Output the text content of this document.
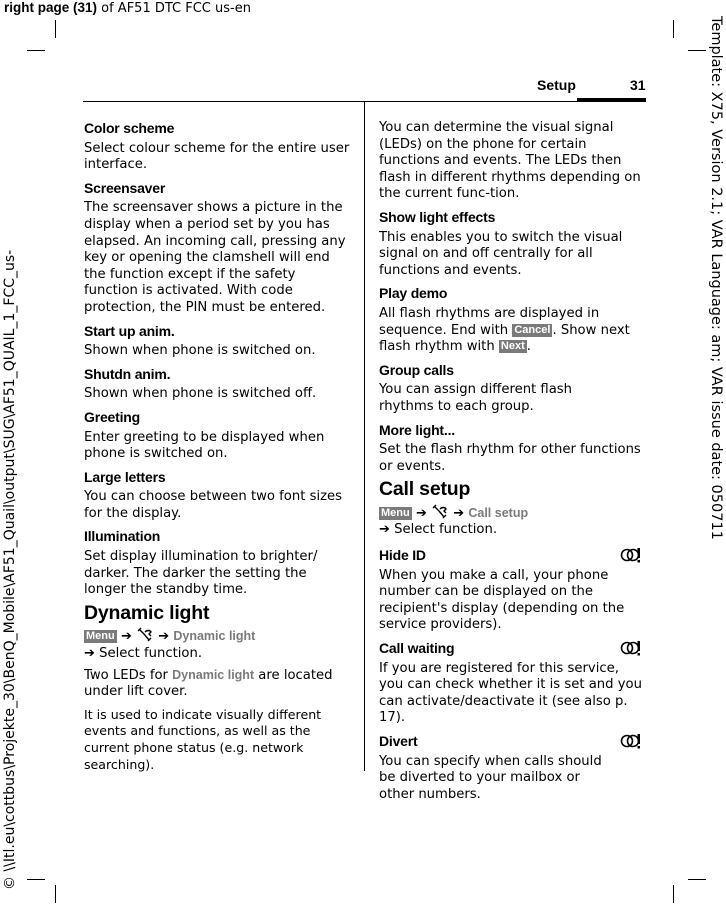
right page (31) of AF51 DTC FCC us-en
© \\Itl.eu\cottbus\Projekte_30\BenQ_Mobile\AF51_Quail\output\SUG\AF51_QUAIL_1_FCC_us-	Template: X75, Version 2.1; VAR Language: am; VAR issue date: 050711
Setup	31
Color scheme
Select colour scheme for the entire user interface.
Screensaver
The screensaver shows a picture in the display when a period set by you has elapsed. An incoming call, pressing any key or opening the clamshell will end the function except if the safety function is activated. With code protection, the PIN must be entered.
Start up anim.
Shown when phone is switched on.
Shutdn anim.
Shown when phone is switched off.
Greeting
Enter greeting to be displayed when phone is switched on.
Large letters
You can choose between two font sizes for the display.
Illumination
Set display illumination to brighter/ darker. The darker the setting the longer the standby time.
Dynamic light
Menu ➔ ➔ Dynamic light
➔ Select function.
Two LEDs for Dynamic light are located under lift cover.
It is used to indicate visually different events and functions, as well as the current phone status (e.g. network searching).
You can determine the visual signal (LEDs) on the phone for certain functions and events. The LEDs then flash in different rhythms depending on the current func-tion.
Show light effects
This enables you to switch the visual signal on and off centrally for all functions and events.
Play demo
All flash rhythms are displayed in sequence. End with Cancel . Show next flash rhythm with Next .
Group calls
You can assign different flash rhythms to each group.
More light...
Set the flash rhythm for other functions or events.
Call setup
Menu ➔ ➔ Call setup
➔ Select function.
Hide ID
When you make a call, your phone number can be displayed on the recipient's display (depending on the service providers).
Call waiting
If you are registered for this service, you can check whether it is set and you can activate/deactivate it (see also p. 17).
Divert
You can specify when calls should be diverted to your mailbox or other numbers.
